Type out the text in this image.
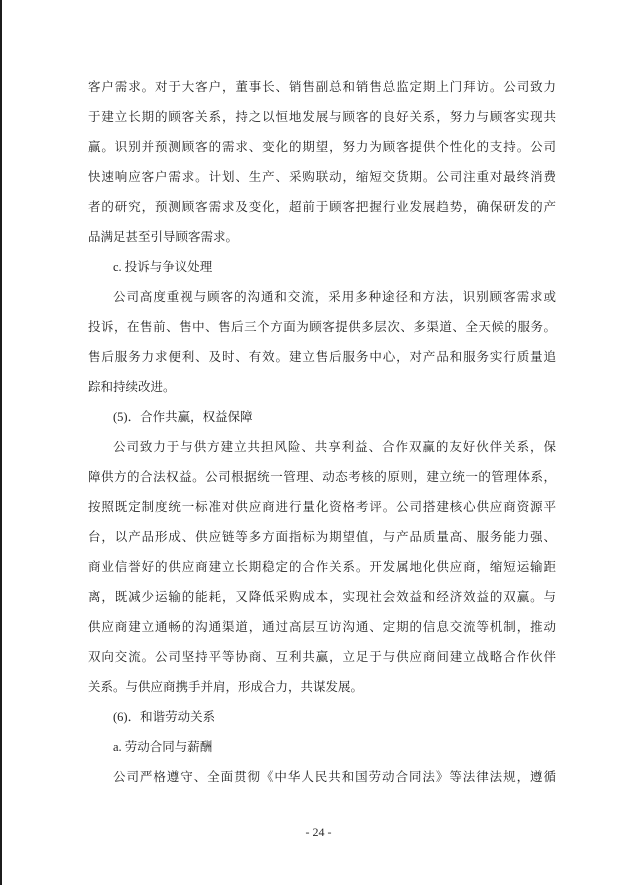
客户需求。对于大客户，董事长、销售副总和销售总监定期上门拜访。公司致力
于建立长期的顾客关系，持之以恒地发展与顾客的良好关系，努力与顾客实现共
赢。识别并预测顾客的需求、变化的期望，努力为顾客提供个性化的支持。公司
快速响应客户需求。计划、生产、采购联动，缩短交货期。公司注重对最终消费
者的研究，预测顾客需求及变化，超前于顾客把握行业发展趋势，确保研发的产
品满足甚至引导顾客需求。
c. 投诉与争议处理
公司高度重视与顾客的沟通和交流，采用多种途径和方法，识别顾客需求或
投诉，在售前、售中、售后三个方面为顾客提供多层次、多渠道、全天候的服务。
售后服务力求便利、及时、有效。建立售后服务中心，对产品和服务实行质量追
踪和持续改进。
(5)．合作共赢，权益保障
公司致力于与供方建立共担风险、共享利益、合作双赢的友好伙伴关系，保
障供方的合法权益。公司根据统一管理、动态考核的原则，建立统一的管理体系，
按照既定制度统一标准对供应商进行量化资格考评。公司搭建核心供应商资源平
台，以产品形成、供应链等多方面指标为期望值，与产品质量高、服务能力强、
商业信誉好的供应商建立长期稳定的合作关系。开发属地化供应商，缩短运输距
离，既减少运输的能耗，又降低采购成本，实现社会效益和经济效益的双赢。与
供应商建立通畅的沟通渠道，通过高层互访沟通、定期的信息交流等机制，推动
双向交流。公司坚持平等协商、互利共赢，立足于与供应商间建立战略合作伙伴
关系。与供应商携手并肩，形成合力，共谋发展。
(6)．和谐劳动关系
a. 劳动合同与薪酬
公司严格遵守、全面贯彻《中华人民共和国劳动合同法》等法律法规，遵循
- 24 -
